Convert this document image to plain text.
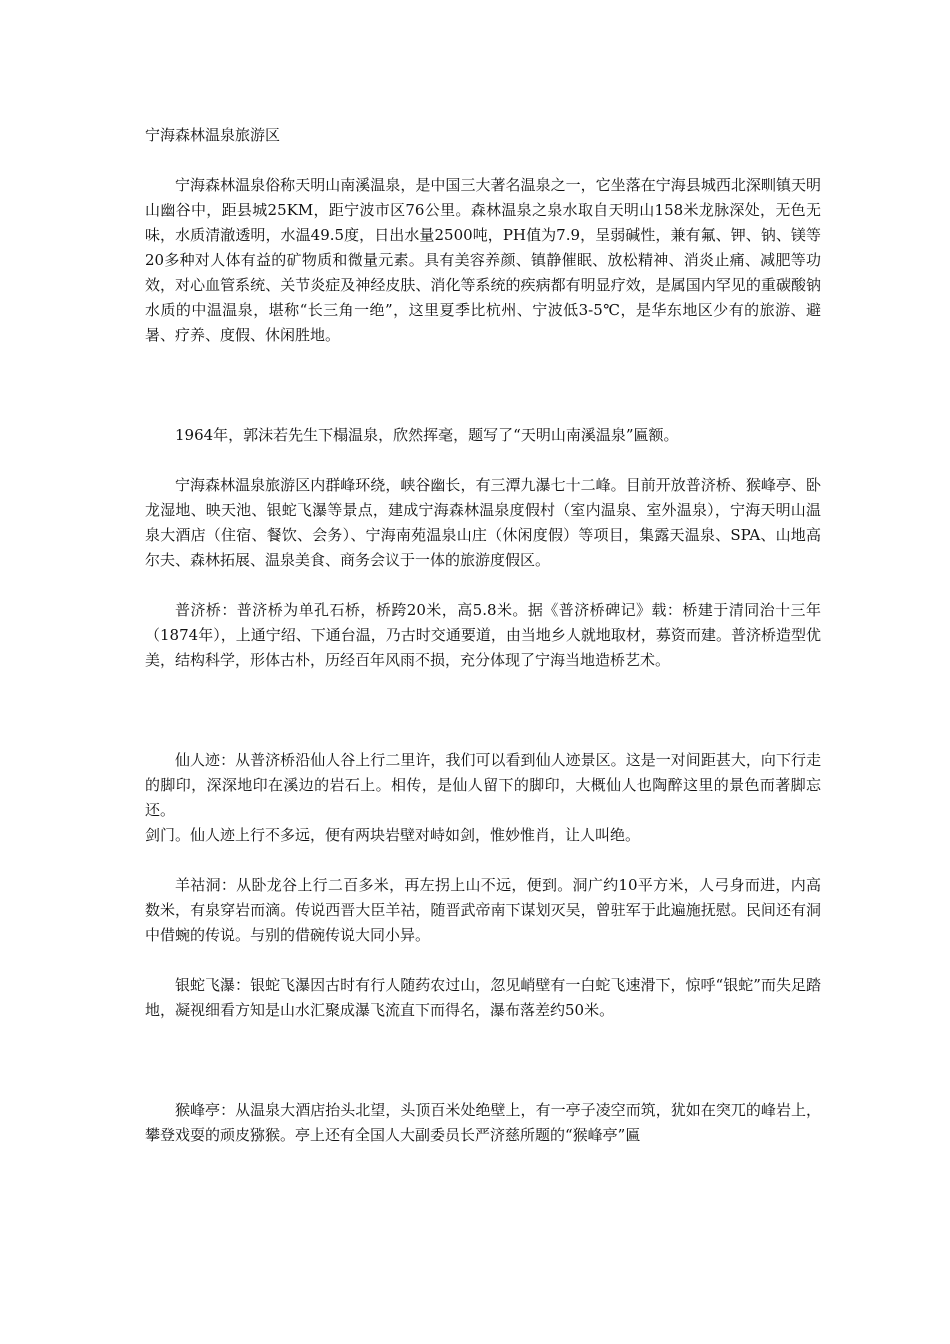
宁海森林温泉旅游区

宁海森林温泉俗称天明山南溪温泉，是中国三大著名温泉之一，它坐落在宁海县城西北深甽镇天明山幽谷中，距县城25KM，距宁波市区76公里。森林温泉之泉水取自天明山158米龙脉深处，无色无味，水质清澈透明，水温49.5度，日出水量2500吨，PH值为7.9，呈弱碱性，兼有氟、钾、钠、镁等20多种对人体有益的矿物质和微量元素。具有美容养颜、镇静催眠、放松精神、消炎止痛、减肥等功效，对心血管系统、关节炎症及神经皮肤、消化等系统的疾病都有明显疗效，是属国内罕见的重碳酸钠水质的中温温泉，堪称“长三角一绝”，这里夏季比杭州、宁波低3-5℃，是华东地区少有的旅游、避暑、疗养、度假、休闲胜地。

1964年，郭沫若先生下榻温泉，欣然挥毫，题写了“天明山南溪温泉”匾额。

宁海森林温泉旅游区内群峰环绕，峡谷幽长，有三潭九瀑七十二峰。目前开放普济桥、猴峰亭、卧龙湿地、映天池、银蛇飞瀑等景点，建成宁海森林温泉度假村（室内温泉、室外温泉），宁海天明山温泉大酒店（住宿、餐饮、会务）、宁海南苑温泉山庄（休闲度假）等项目，集露天温泉、SPA、山地高尔夫、森林拓展、温泉美食、商务会议于一体的旅游度假区。

普济桥：普济桥为单孔石桥，桥跨20米，高5.8米。据《普济桥碑记》载：桥建于清同治十三年（1874年），上通宁绍、下通台温，乃古时交通要道，由当地乡人就地取材，募资而建。普济桥造型优美，结构科学，形体古朴，历经百年风雨不损，充分体现了宁海当地造桥艺术。

仙人迹：从普济桥沿仙人谷上行二里许，我们可以看到仙人迹景区。这是一对间距甚大，向下行走的脚印，深深地印在溪边的岩石上。相传，是仙人留下的脚印，大概仙人也陶醉这里的景色而著脚忘还。

剑门。仙人迹上行不多远，便有两块岩壁对峙如剑，惟妙惟肖，让人叫绝。

羊祜洞：从卧龙谷上行二百多米，再左拐上山不远，便到。洞广约10平方米，人弓身而进，内高数米，有泉穿岩而滴。传说西晋大臣羊祜，随晋武帝南下谋划灭吴，曾驻军于此遍施抚慰。民间还有洞中借蜿的传说。与别的借碗传说大同小异。

银蛇飞瀑：银蛇飞瀑因古时有行人随药农过山，忽见峭壁有一白蛇飞速滑下，惊呼“银蛇”而失足踏地，凝视细看方知是山水汇聚成瀑飞流直下而得名，瀑布落差约50米。

猴峰亭：从温泉大酒店抬头北望，头顶百米处绝壁上，有一亭子凌空而筑，犹如在突兀的峰岩上，攀登戏耍的顽皮猕猴。亭上还有全国人大副委员长严济慈所题的“猴峰亭”匾
